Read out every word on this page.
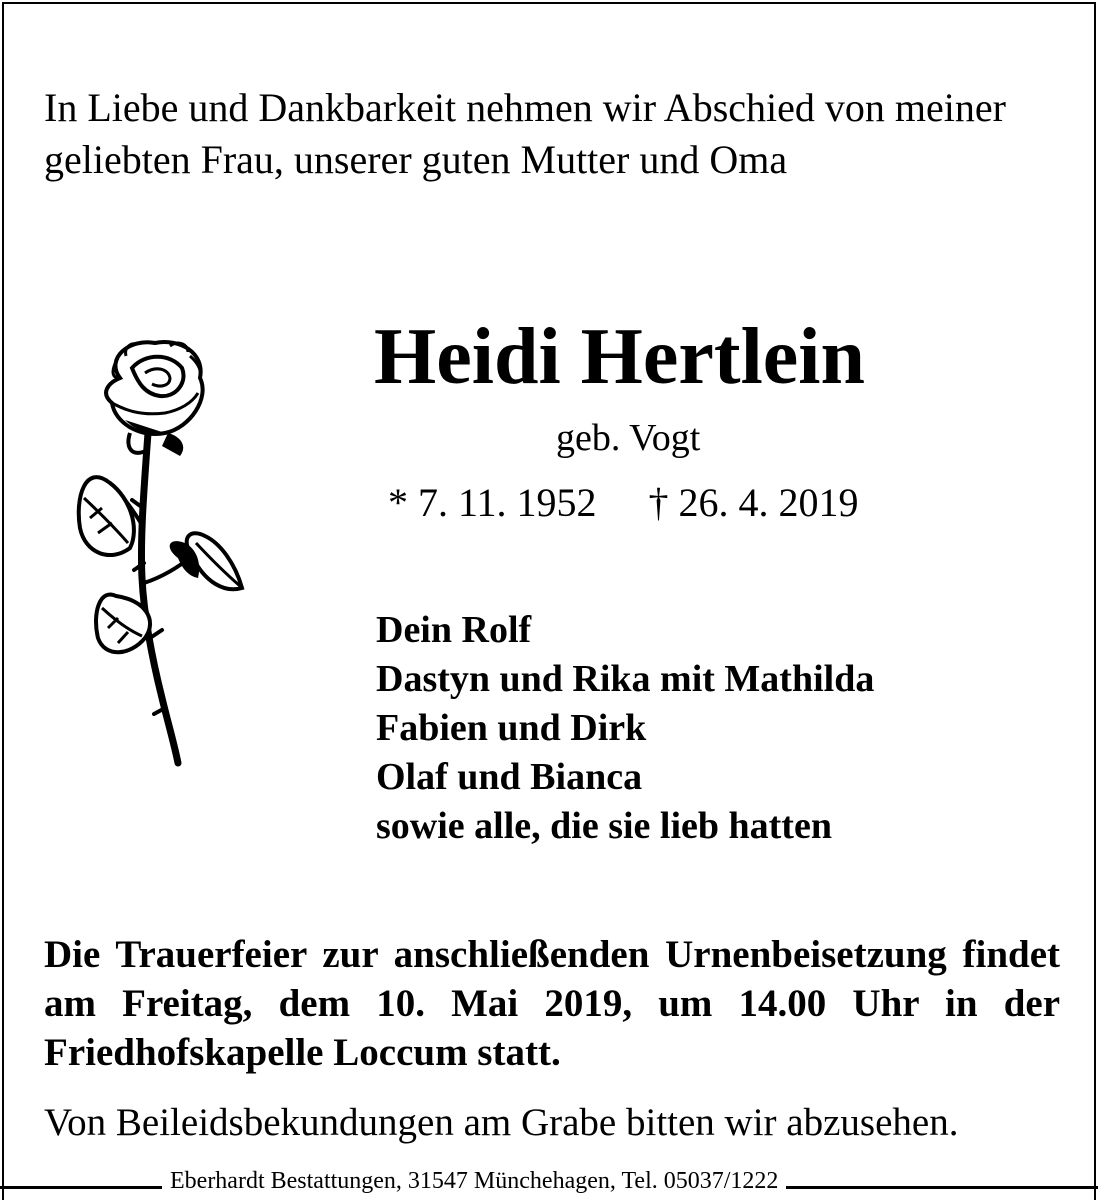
In Liebe und Dankbarkeit nehmen wir Abschied von meiner
geliebten Frau, unserer guten Mutter und Oma

Heidi Hertlein

geb. Vogt

* 7. 11. 1952 † 26. 4. 2019

Dein Rolf
Dastyn und Rika mit Mathilda
Fabien und Dirk
Olaf und Bianca
sowie alle, die sie lieb hatten

Die Trauerfeier zur anschließenden Urnenbeisetzung findet am Freitag, dem 10. Mai 2019, um 14.00 Uhr in der Friedhofskapelle Loccum statt.

Von Beileidsbekundungen am Grabe bitten wir abzusehen.

Eberhardt Bestattungen, 31547 Münchehagen, Tel. 05037/1222
